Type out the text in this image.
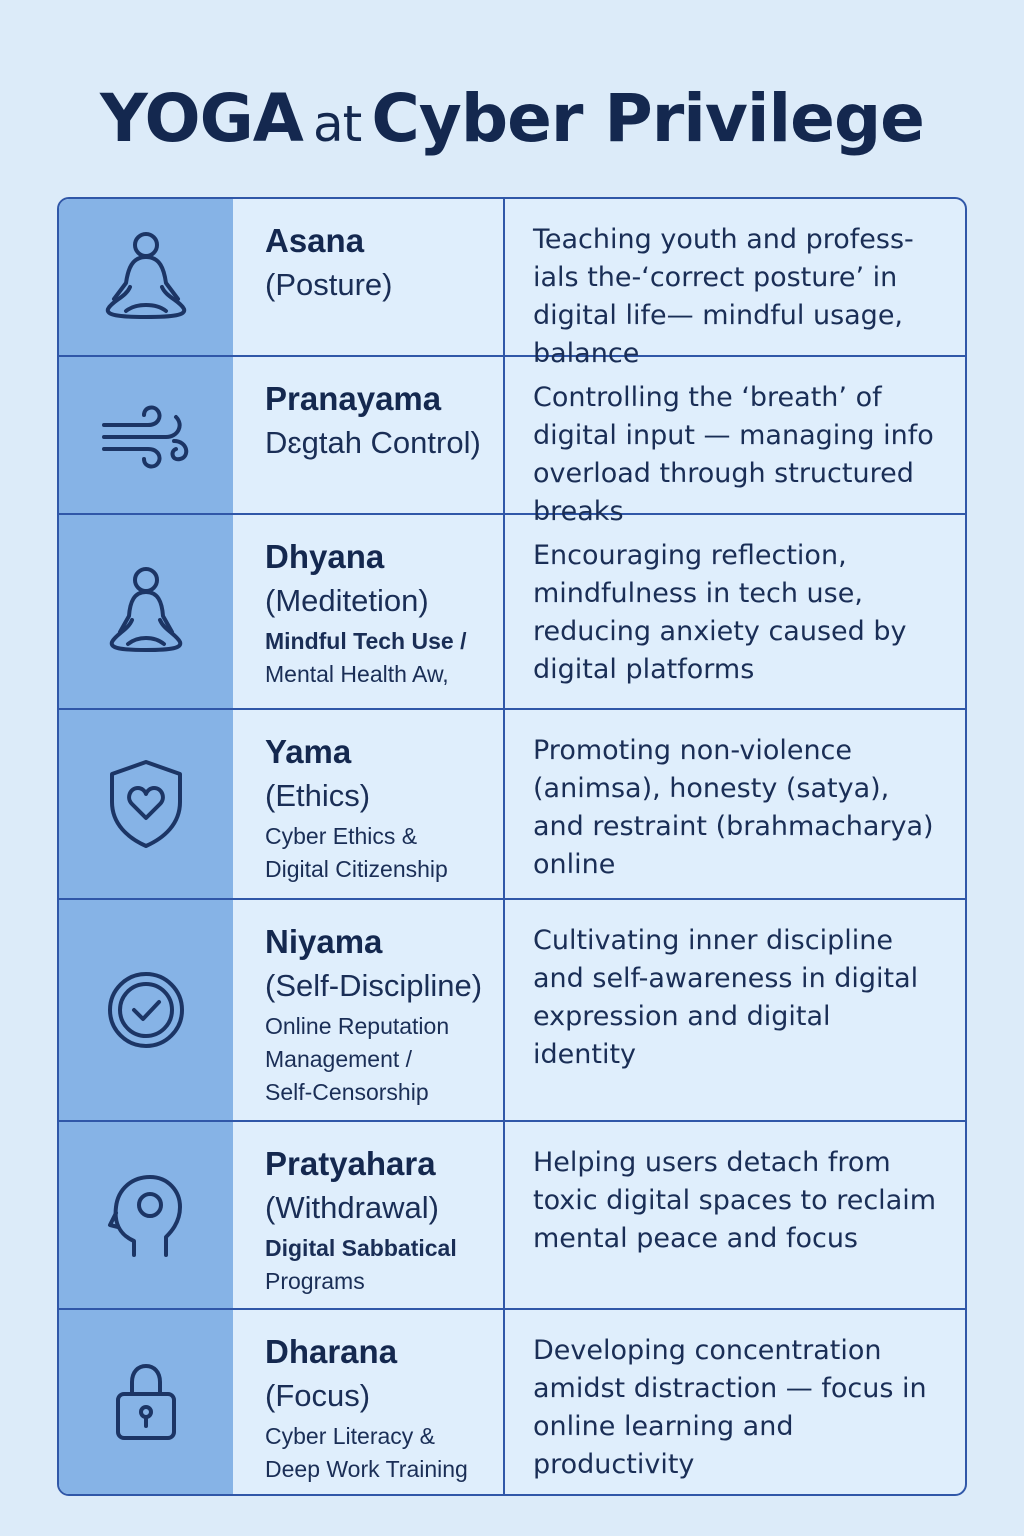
YOGA at Cyber Privilege
Asana
(Posture)
Teaching youth and profess-ials the-‘correct posture’ in digital life— mindful usage, balance
Pranayama
Dɛgtah Control)
Controlling the ‘breath’ of digital input — managing info overload through structured breaks
Dhyana
(Meditetion)
Mindful Tech Use /
Mental Health Aw,
Encouraging reflection, mindfulness in tech use, reducing anxiety caused by digital platforms
Yama
(Ethics)
Cyber Ethics &
Digital Citizenship
Promoting non-violence (animsa), honesty (satya), and restraint (brahmacharya) online
Niyama
(Self-Discipline)
Online Reputation
Management /
Self-Censorship
Cultivating inner discipline and self-awareness in digital expression and digital identity
Pratyahara
(Withdrawal)
Digital Sabbatical
Programs
Helping users detach from toxic digital spaces to reclaim mental peace and focus
Dharana
(Focus)
Cyber Literacy &
Deep Work Training
Developing concentration amidst distraction — focus in online learning and productivity
